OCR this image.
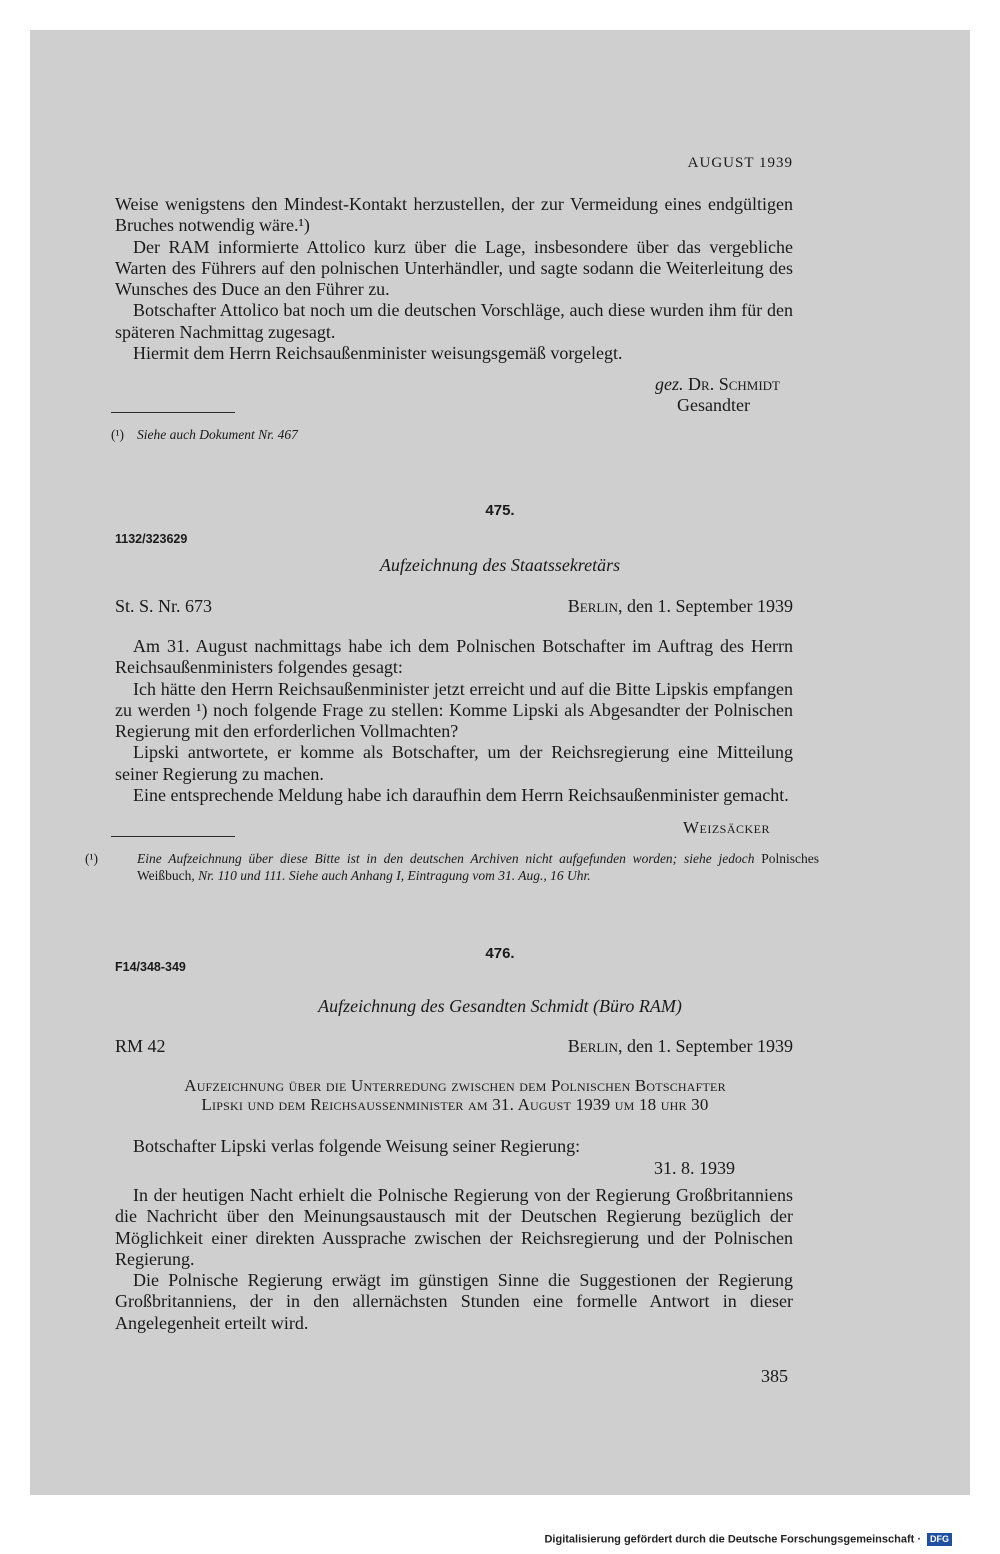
AUGUST 1939

Weise wenigstens den Mindest-Kontakt herzustellen, der zur Vermeidung eines endgültigen Bruches notwendig wäre.¹)

Der RAM informierte Attolico kurz über die Lage, insbesondere über das vergebliche Warten des Führers auf den polnischen Unterhändler, und sagte sodann die Weiterleitung des Wunsches des Duce an den Führer zu.

Botschafter Attolico bat noch um die deutschen Vorschläge, auch diese wurden ihm für den späteren Nachmittag zugesagt.

Hiermit dem Herrn Reichsaußenminister weisungsgemäß vorgelegt.

gez. Dr. Schmidt
Gesandter
(¹) Siehe auch Dokument Nr. 467
475.
1132/323629
Aufzeichnung des Staatssekretärs
St. S. Nr. 673	Berlin, den 1. September 1939

Am 31. August nachmittags habe ich dem Polnischen Botschafter im Auftrag des Herrn Reichsaußenministers folgendes gesagt:

Ich hätte den Herrn Reichsaußenminister jetzt erreicht und auf die Bitte Lipskis empfangen zu werden ¹) noch folgende Frage zu stellen: Komme Lipski als Abgesandter der Polnischen Regierung mit den erforderlichen Vollmachten?

Lipski antwortete, er komme als Botschafter, um der Reichsregierung eine Mitteilung seiner Regierung zu machen.

Eine entsprechende Meldung habe ich daraufhin dem Herrn Reichsaußenminister gemacht.

Weizsäcker
(¹)	Eine Aufzeichnung über diese Bitte ist in den deutschen Archiven nicht aufgefunden worden; siehe jedoch Polnisches Weißbuch, Nr. 110 und 111. Siehe auch Anhang I, Eintragung vom 31. Aug., 16 Uhr.
476.
F14/348-349
Aufzeichnung des Gesandten Schmidt (Büro RAM)
RM 42	Berlin, den 1. September 1939
Aufzeichnung über die Unterredung zwischen dem Polnischen Botschafter
Lipski und dem Reichsaussenminister am 31. August 1939 um 18 uhr 30
Botschafter Lipski verlas folgende Weisung seiner Regierung:
31. 8. 1939

In der heutigen Nacht erhielt die Polnische Regierung von der Regierung Großbritanniens die Nachricht über den Meinungsaustausch mit der Deutschen Regierung bezüglich der Möglichkeit einer direkten Aussprache zwischen der Reichsregierung und der Polnischen Regierung.

Die Polnische Regierung erwägt im günstigen Sinne die Suggestionen der Regierung Großbritanniens, der in den allernächsten Stunden eine formelle Antwort in dieser Angelegenheit erteilt wird.

385
Digitalisierung gefördert durch die Deutsche Forschungsgemeinschaft · DFG
